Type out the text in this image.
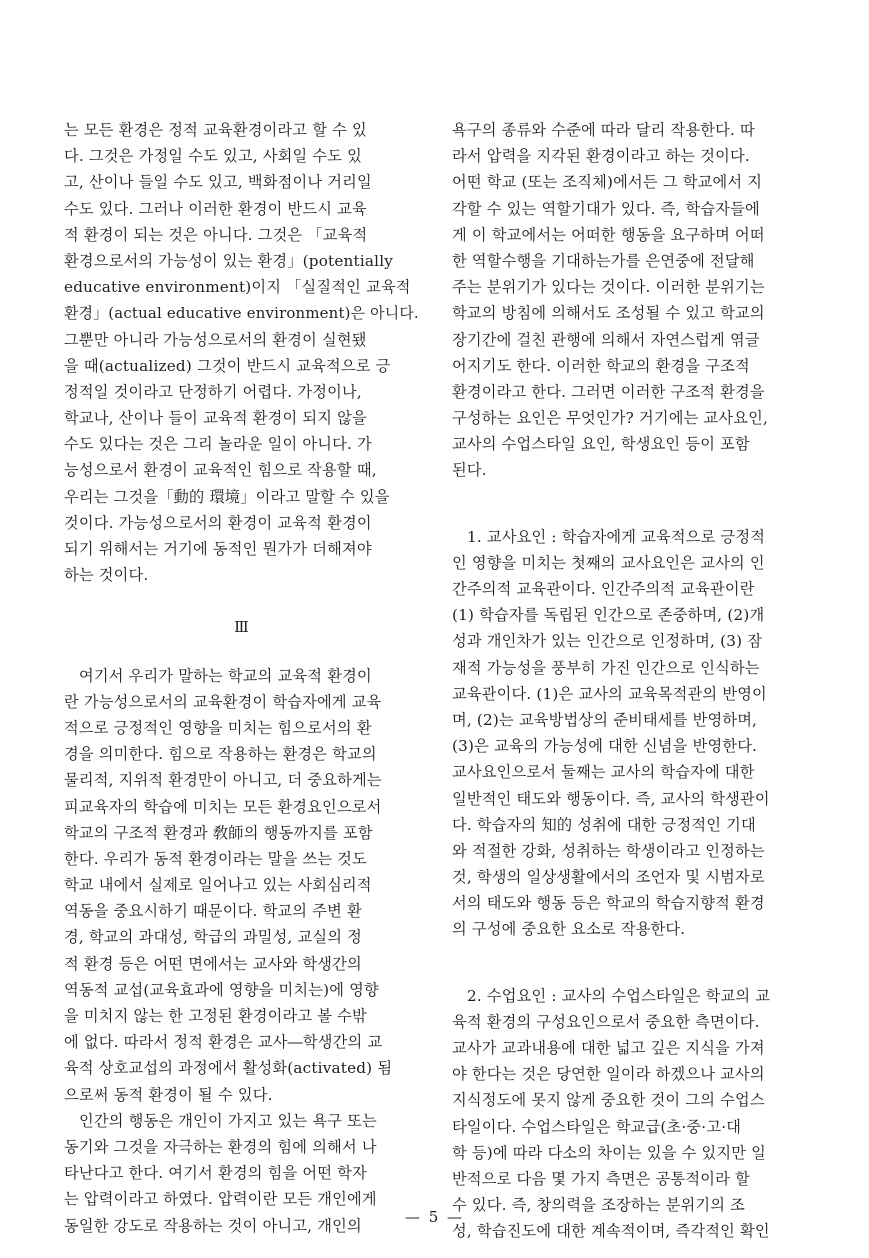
는 모든 환경은 정적 교육환경이라고 할 수 있
다. 그것은 가정일 수도 있고, 사회일 수도 있
고, 산이나 들일 수도 있고, 백화점이나 거리일
수도 있다. 그러나 이러한 환경이 반드시 교육
적 환경이 되는 것은 아니다. 그것은 「교육적
환경으로서의 가능성이 있는 환경」(potentially
educative environment)이지 「실질적인 교육적
환경」(actual educative environment)은 아니다.
그뿐만 아니라 가능성으로서의 환경이 실현됐
을 때(actualized) 그것이 반드시 교육적으로 긍
정적일 것이라고 단정하기 어렵다. 가정이나,
학교나, 산이나 들이 교육적 환경이 되지 않을
수도 있다는 것은 그리 놀라운 일이 아니다. 가
능성으로서 환경이 교육적인 힘으로 작용할 때,
우리는 그것을「動的 環境」이라고 말할 수 있을
것이다. 가능성으로서의 환경이 교육적 환경이
되기 위해서는 거기에 동적인 뭔가가 더해져야
하는 것이다.
Ⅲ
여기서 우리가 말하는 학교의 교육적 환경이
란 가능성으로서의 교육환경이 학습자에게 교육
적으로 긍정적인 영향을 미치는 힘으로서의 환
경을 의미한다. 힘으로 작용하는 환경은 학교의
물리적, 지위적 환경만이 아니고, 더 중요하게는
피교육자의 학습에 미치는 모든 환경요인으로서
학교의 구조적 환경과 敎師의 행동까지를 포함
한다. 우리가 동적 환경이라는 말을 쓰는 것도
학교 내에서 실제로 일어나고 있는 사회심리적
역동을 중요시하기 때문이다. 학교의 주변 환
경, 학교의 과대성, 학급의 과밀성, 교실의 정
적 환경 등은 어떤 면에서는 교사와 학생간의
역동적 교섭(교육효과에 영향을 미치는)에 영향
을 미치지 않는 한 고정된 환경이라고 볼 수밖
에 없다. 따라서 정적 환경은 교사―학생간의 교
육적 상호교섭의 과정에서 활성화(activated) 됨
으로써 동적 환경이 될 수 있다.
인간의 행동은 개인이 가지고 있는 욕구 또는
동기와 그것을 자극하는 환경의 힘에 의해서 나
타난다고 한다. 여기서 환경의 힘을 어떤 학자
는 압력이라고 하였다. 압력이란 모든 개인에게
동일한 강도로 작용하는 것이 아니고, 개인의
욕구의 종류와 수준에 따라 달리 작용한다. 따
라서 압력을 지각된 환경이라고 하는 것이다.
어떤 학교 (또는 조직체)에서든 그 학교에서 지
각할 수 있는 역할기대가 있다. 즉, 학습자들에
게 이 학교에서는 어떠한 행동을 요구하며 어떠
한 역할수행을 기대하는가를 은연중에 전달해
주는 분위기가 있다는 것이다. 이러한 분위기는
학교의 방침에 의해서도 조성될 수 있고 학교의
장기간에 걸친 관행에 의해서 자연스럽게 엮글
어지기도 한다. 이러한 학교의 환경을 구조적
환경이라고 한다. 그러면 이러한 구조적 환경을
구성하는 요인은 무엇인가? 거기에는 교사요인,
교사의 수업스타일 요인, 학생요인 등이 포함
된다.
1. 교사요인 : 학습자에게 교육적으로 긍정적
인 영향을 미치는 첫째의 교사요인은 교사의 인
간주의적 교육관이다. 인간주의적 교육관이란
(1) 학습자를 독립된 인간으로 존중하며, (2)개
성과 개인차가 있는 인간으로 인정하며, (3) 잠
재적 가능성을 풍부히 가진 인간으로 인식하는
교육관이다. (1)은 교사의 교육목적관의 반영이
며, (2)는 교육방법상의 준비태세를 반영하며,
(3)은 교육의 가능성에 대한 신념을 반영한다.
교사요인으로서 둘째는 교사의 학습자에 대한
일반적인 태도와 행동이다. 즉, 교사의 학생관이
다. 학습자의 知的 성취에 대한 긍정적인 기대
와 적절한 강화, 성취하는 학생이라고 인정하는
것, 학생의 일상생활에서의 조언자 및 시범자로
서의 태도와 행동 등은 학교의 학습지향적 환경
의 구성에 중요한 요소로 작용한다.
2. 수업요인 : 교사의 수업스타일은 학교의 교
육적 환경의 구성요인으로서 중요한 측면이다.
교사가 교과내용에 대한 넓고 깊은 지식을 가져
야 한다는 것은 당연한 일이라 하겠으나 교사의
지식정도에 못지 않게 중요한 것이 그의 수업스
타일이다. 수업스타일은 학교급(초·중·고·대
학 등)에 따라 다소의 차이는 있을 수 있지만 일
반적으로 다음 몇 가지 측면은 공통적이라 할
수 있다. 즉, 창의력을 조장하는 분위기의 조
성, 학습진도에 대한 계속적이며, 즉각적인 확인
— 5 —
